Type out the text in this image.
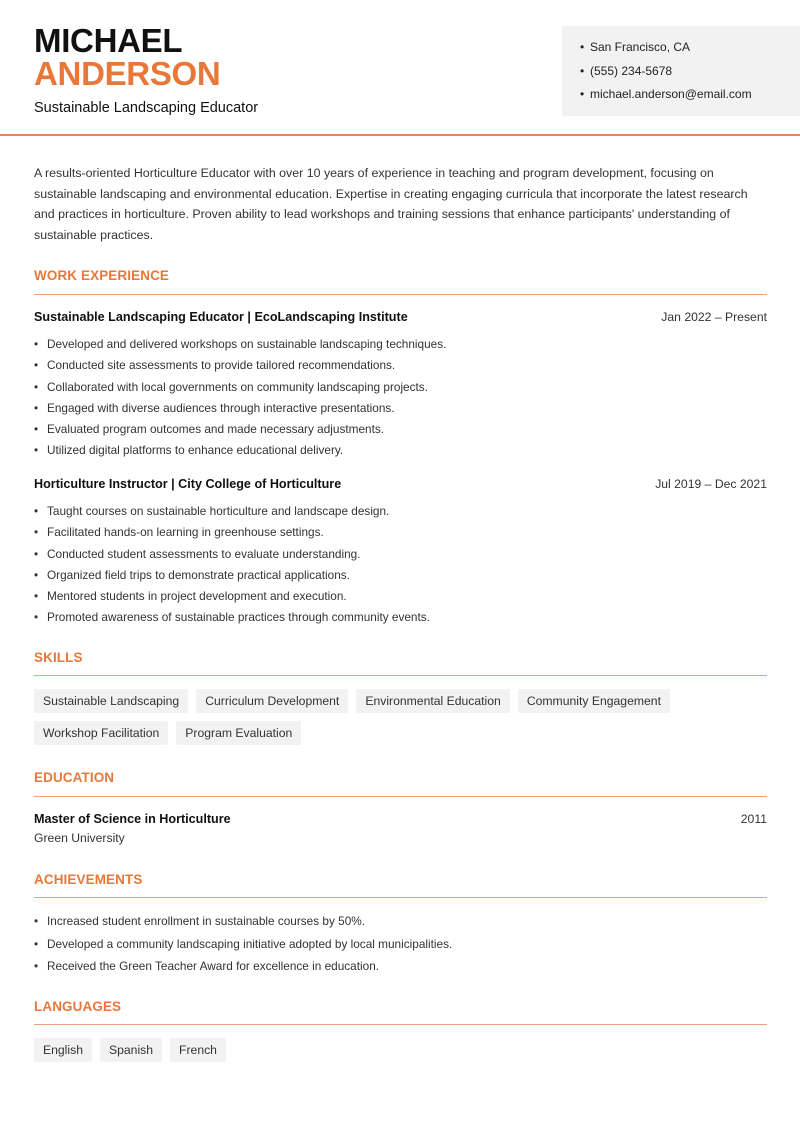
MICHAEL
ANDERSON
Sustainable Landscaping Educator
• San Francisco, CA
• (555) 234-5678
• michael.anderson@email.com
A results-oriented Horticulture Educator with over 10 years of experience in teaching and program development, focusing on sustainable landscaping and environmental education. Expertise in creating engaging curricula that incorporate the latest research and practices in horticulture. Proven ability to lead workshops and training sessions that enhance participants' understanding of sustainable practices.
WORK EXPERIENCE
Sustainable Landscaping Educator | EcoLandscaping Institute	Jan 2022 – Present
• Developed and delivered workshops on sustainable landscaping techniques.
• Conducted site assessments to provide tailored recommendations.
• Collaborated with local governments on community landscaping projects.
• Engaged with diverse audiences through interactive presentations.
• Evaluated program outcomes and made necessary adjustments.
• Utilized digital platforms to enhance educational delivery.
Horticulture Instructor | City College of Horticulture	Jul 2019 – Dec 2021
• Taught courses on sustainable horticulture and landscape design.
• Facilitated hands-on learning in greenhouse settings.
• Conducted student assessments to evaluate understanding.
• Organized field trips to demonstrate practical applications.
• Mentored students in project development and execution.
• Promoted awareness of sustainable practices through community events.
SKILLS
Sustainable Landscaping	Curriculum Development	Environmental Education	Community Engagement
Workshop Facilitation	Program Evaluation
EDUCATION
Master of Science in Horticulture	2011
Green University
ACHIEVEMENTS
• Increased student enrollment in sustainable courses by 50%.
• Developed a community landscaping initiative adopted by local municipalities.
• Received the Green Teacher Award for excellence in education.
LANGUAGES
English	Spanish	French
